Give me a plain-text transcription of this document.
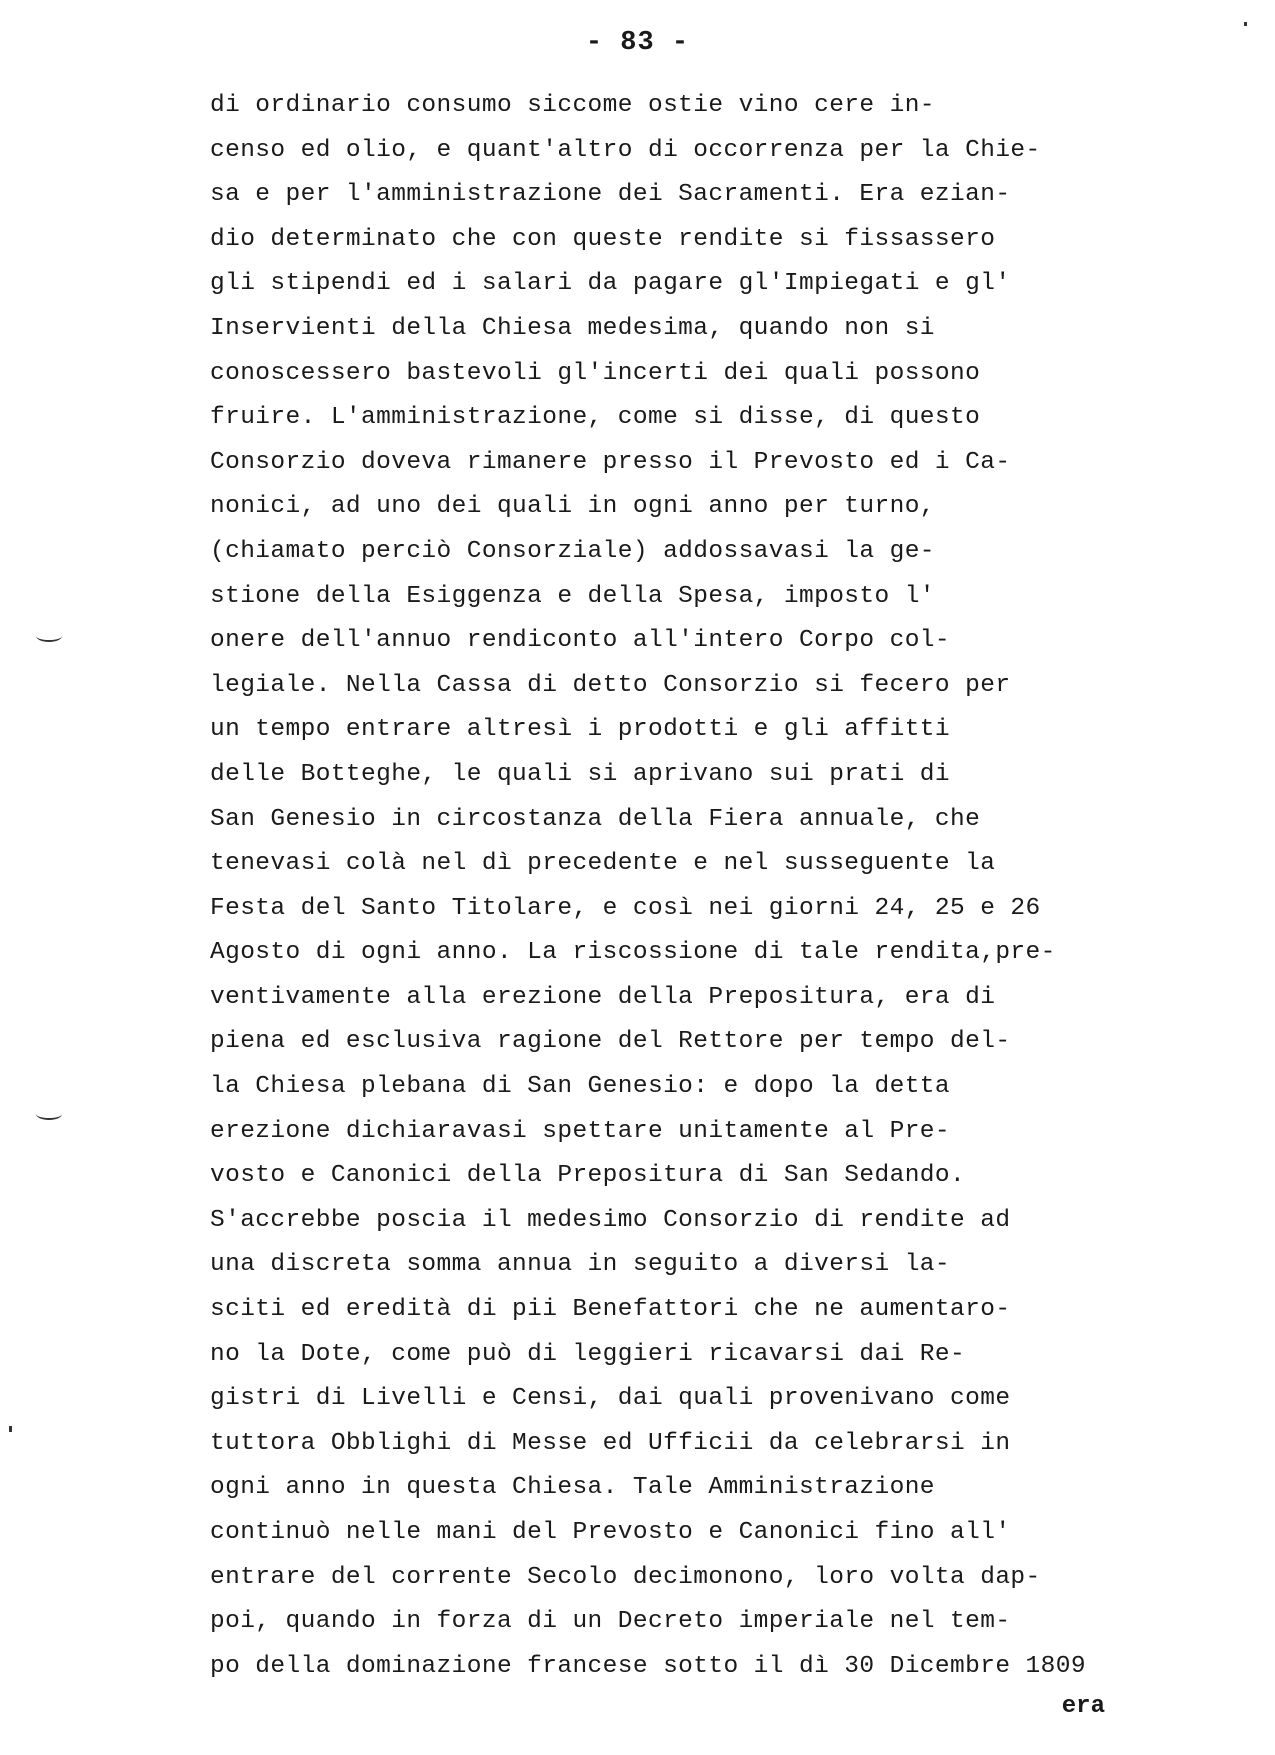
- 83 -
di ordinario consumo siccome ostie vino cere in-
censo ed olio, e quant'altro di occorrenza per la Chie-
sa e per l'amministrazione dei Sacramenti. Era ezian-
dio determinato che con queste rendite si fissassero
gli stipendi ed i salari da pagare gl'Impiegati e gl'
Inservienti della Chiesa medesima, quando non si
conoscessero bastevoli gl'incerti dei quali possono
fruire. L'amministrazione, come si disse, di questo
Consorzio doveva rimanere presso il Prevosto ed i Ca-
nonici, ad uno dei quali in ogni anno per turno,
(chiamato perciò Consorziale) addossavasi la ge-
stione della Esiggenza e della Spesa, imposto l'
onere dell'annuo rendiconto all'intero Corpo col-
legiale. Nella Cassa di detto Consorzio si fecero per
un tempo entrare altresì i prodotti e gli affitti
delle Botteghe, le quali si aprivano sui prati di
San Genesio in circostanza della Fiera annuale, che
tenevasi colà nel dì precedente e nel susseguente la
Festa del Santo Titolare, e così nei giorni 24, 25 e 26
Agosto di ogni anno. La riscossione di tale rendita,pre-
ventivamente alla erezione della Prepositura, era di
piena ed esclusiva ragione del Rettore per tempo del-
la Chiesa plebana di San Genesio: e dopo la detta
erezione dichiaravasi spettare unitamente al Pre-
vosto e Canonici della Prepositura di San Sedando.
S'accrebbe poscia il medesimo Consorzio di rendite ad
una discreta somma annua in seguito a diversi la-
sciti ed eredità di pii Benefattori che ne aumentaro-
no la Dote, come può di leggieri ricavarsi dai Re-
gistri di Livelli e Censi, dai quali provenivano come
tuttora Obblighi di Messe ed Ufficii da celebrarsi in
ogni anno in questa Chiesa. Tale Amministrazione
continuò nelle mani del Prevosto e Canonici fino all'
entrare del corrente Secolo decimonono, loro volta dap-
poi, quando in forza di un Decreto imperiale nel tem-
po della dominazione francese sotto il dì 30 Dicembre 1809
era
